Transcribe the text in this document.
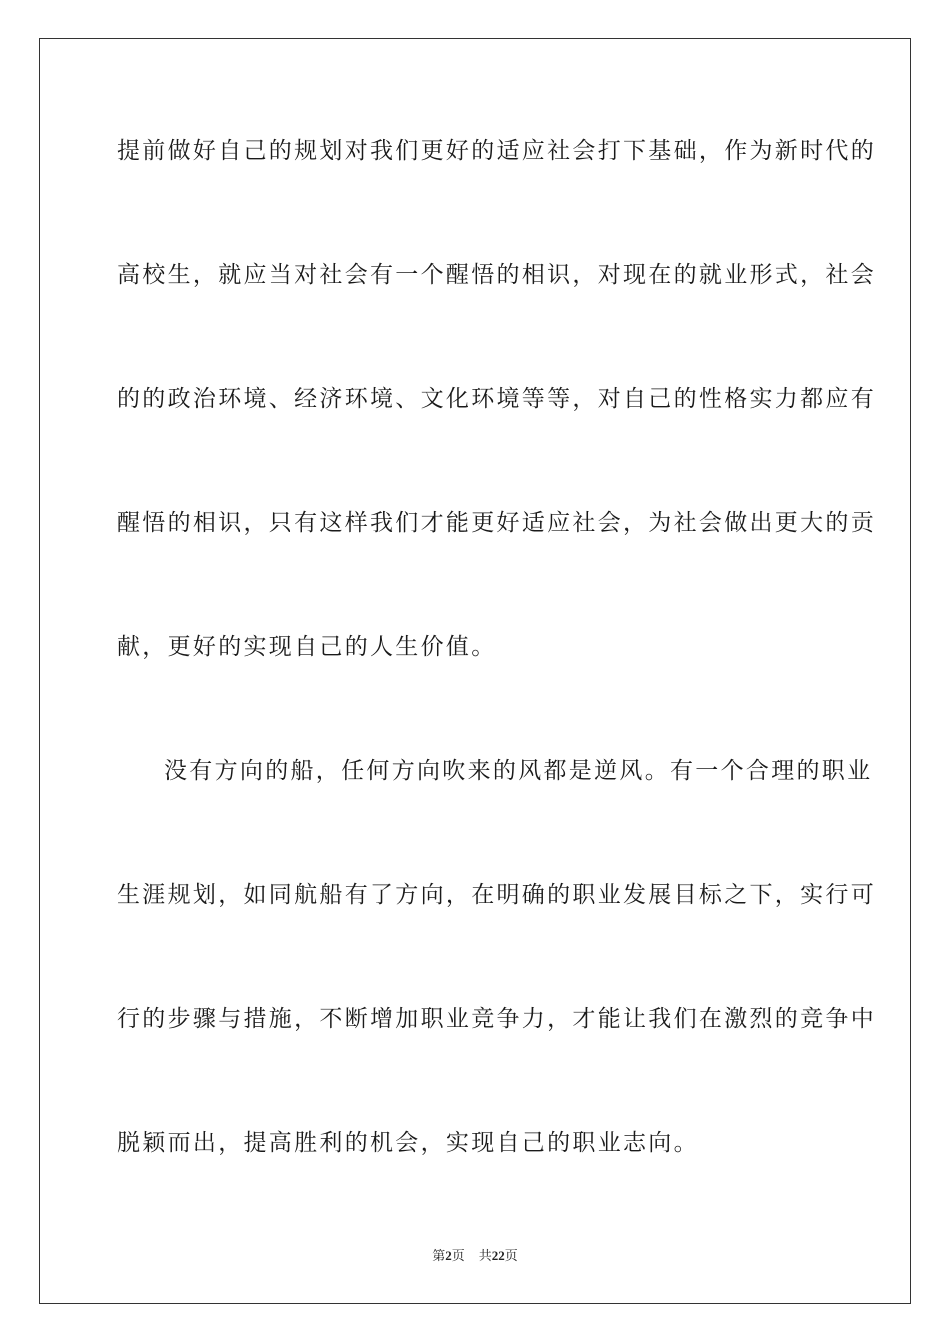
提前做好自己的规划对我们更好的适应社会打下基础，作为新时代的

高校生，就应当对社会有一个醒悟的相识，对现在的就业形式，社会

的的政治环境、经济环境、文化环境等等，对自己的性格实力都应有

醒悟的相识，只有这样我们才能更好适应社会，为社会做出更大的贡

献，更好的实现自己的人生价值。

没有方向的船，任何方向吹来的风都是逆风。有一个合理的职业

生涯规划，如同航船有了方向，在明确的职业发展目标之下，实行可

行的步骤与措施，不断增加职业竞争力，才能让我们在激烈的竞争中

脱颖而出，提高胜利的机会，实现自己的职业志向。

第2页 共22页
